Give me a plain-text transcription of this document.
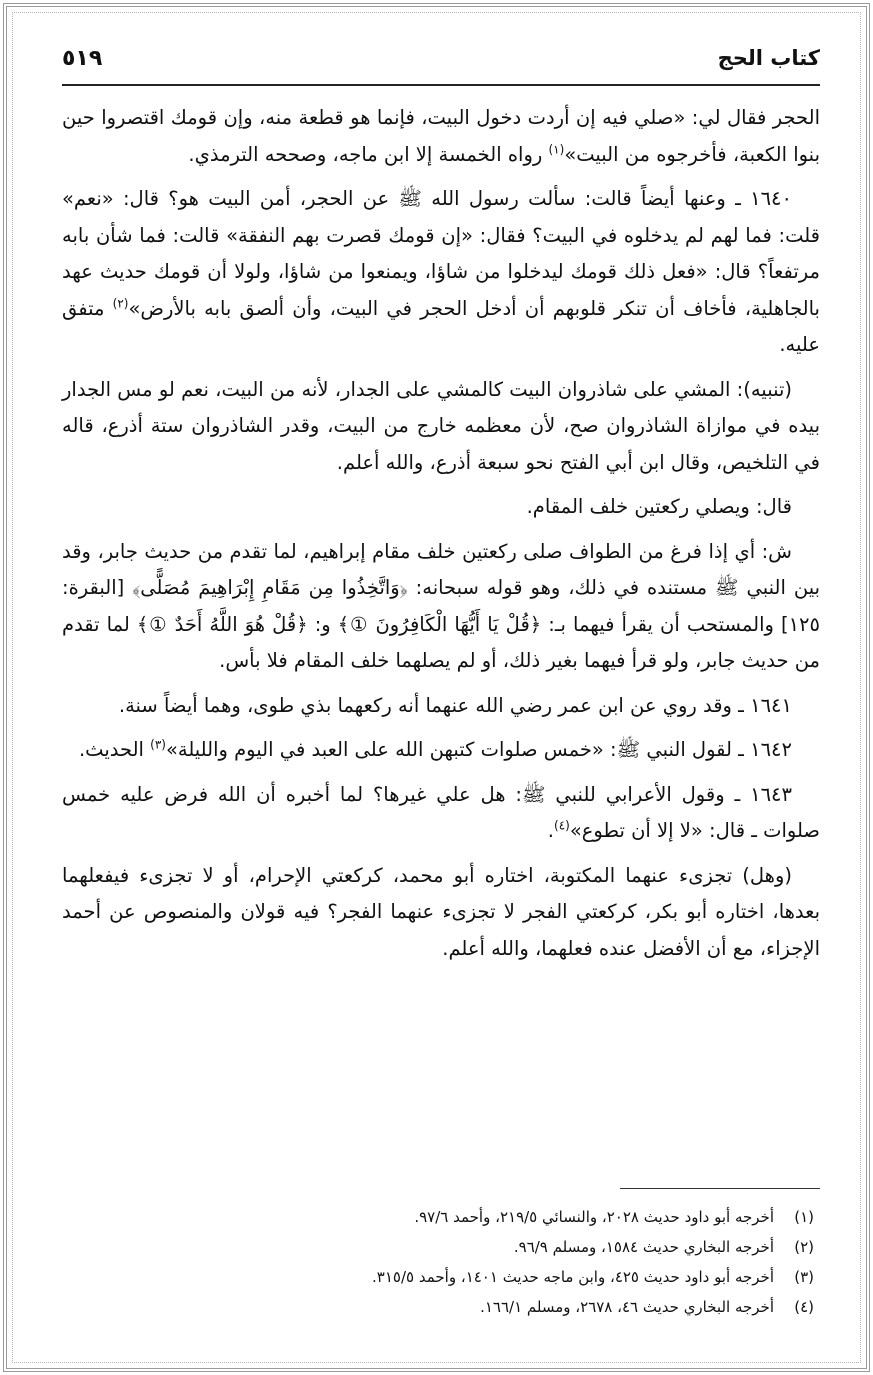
٥١٩	كتاب الحج

الحجر فقال لي: «صلي فيه إن أردت دخول البيت، فإنما هو قطعة منه، وإن قومك اقتصروا حين بنوا الكعبة، فأخرجوه من البيت»$^{(١)}$ رواه الخمسة إلا ابن ماجه، وصححه الترمذي.

١٦٤٠ ـ وعنها أيضاً قالت: سألت رسول الله ﷺ عن الحجر، أمن البيت هو؟ قال: «نعم» قلت: فما لهم لم يدخلوه في البيت؟ فقال: «إن قومك قصرت بهم النفقة» قالت: فما شأن بابه مرتفعاً؟ قال: «فعل ذلك قومك ليدخلوا من شاؤا، ويمنعوا من شاؤا، ولولا أن قومك حديث عهد بالجاهلية، فأخاف أن تنكر قلوبهم أن أدخل الحجر في البيت، وأن ألصق بابه بالأرض»$^{(٢)}$ متفق عليه.

(تنبيه): المشي على شاذروان البيت كالمشي على الجدار، لأنه من البيت، نعم لو مس الجدار بيده في موازاة الشاذروان صح، لأن معظمه خارج من البيت، وقدر الشاذروان ستة أذرع، قاله في التلخيص، وقال ابن أبي الفتح نحو سبعة أذرع، والله أعلم.

قال: ويصلي ركعتين خلف المقام.

ش: أي إذا فرغ من الطواف صلى ركعتين خلف مقام إبراهيم، لما تقدم من حديث جابر، وقد بين النبي ﷺ مستنده في ذلك، وهو قوله سبحانه: ﴿وَاتَّخِذُوا مِن مَقَامِ إِبْرَاهِيمَ مُصَلًّى﴾ [البقرة: ١٢٥] والمستحب أن يقرأ فيهما بـ: ﴿قُلْ يَا أَيُّهَا الْكَافِرُونَ ①﴾ و: ﴿قُلْ هُوَ اللَّهُ أَحَدٌ ①﴾ لما تقدم من حديث جابر، ولو قرأ فيهما بغير ذلك، أو لم يصلهما خلف المقام فلا بأس.

١٦٤١ ـ وقد روي عن ابن عمر رضي الله عنهما أنه ركعهما بذي طوى، وهما أيضاً سنة.

١٦٤٢ ـ لقول النبي ﷺ: «خمس صلوات كتبهن الله على العبد في اليوم والليلة»$^{(٣)}$ الحديث.

١٦٤٣ ـ وقول الأعرابي للنبي ﷺ: هل علي غيرها؟ لما أخبره أن الله فرض عليه خمس صلوات ـ قال: «لا إلا أن تطوع»$^{(٤)}$.

(وهل) تجزىء عنهما المكتوبة، اختاره أبو محمد، كركعتي الإحرام، أو لا تجزىء فيفعلهما بعدها، اختاره أبو بكر، كركعتي الفجر لا تجزىء عنهما الفجر؟ فيه قولان والمنصوص عن أحمد الإجزاء، مع أن الأفضل عنده فعلهما، والله أعلم.

(١)أخرجه أبو داود حديث ٢٠٢٨، والنسائي ٢١٩/٥، وأحمد ٩٧/٦.
(٢)أخرجه البخاري حديث ١٥٨٤، ومسلم ٩٦/٩.
(٣)أخرجه أبو داود حديث ٤٢٥، وابن ماجه حديث ١٤٠١، وأحمد ٣١٥/٥.
(٤)أخرجه البخاري حديث ٤٦، ٢٦٧٨، ومسلم ١٦٦/١.
